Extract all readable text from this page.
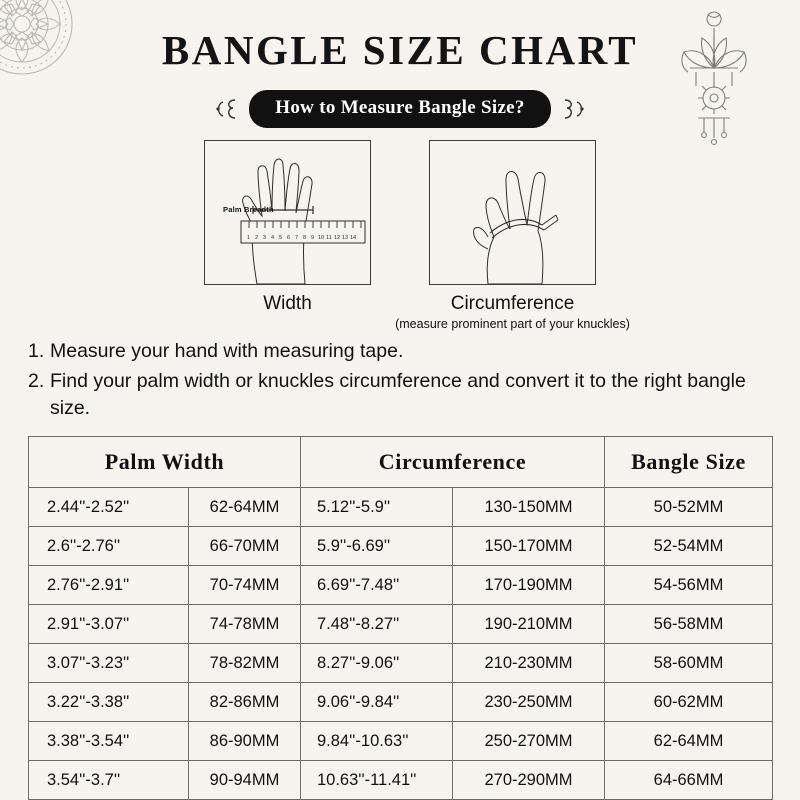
BANGLE SIZE CHART
How to Measure Bangle Size?
1 2 3 4 5 6 7 8 9 10 11 12 13 14
Palm Breadth
Width	Circumference
(measure prominent part of your knuckles)
1. Measure your hand with measuring tape.
2. Find your palm width or knuckles circumference and convert it to the right bangle size.
Palm Width		Circumference		Bangle Size
2.44''-2.52''	62-64MM	5.12''-5.9''	130-150MM	50-52MM
2.6''-2.76''	66-70MM	5.9''-6.69''	150-170MM	52-54MM
2.76''-2.91''	70-74MM	6.69''-7.48''	170-190MM	54-56MM
2.91''-3.07''	74-78MM	7.48''-8.27''	190-210MM	56-58MM
3.07''-3.23''	78-82MM	8.27''-9.06''	210-230MM	58-60MM
3.22''-3.38''	82-86MM	9.06''-9.84''	230-250MM	60-62MM
3.38''-3.54''	86-90MM	9.84''-10.63''	250-270MM	62-64MM
3.54''-3.7''	90-94MM	10.63''-11.41''	270-290MM	64-66MM
